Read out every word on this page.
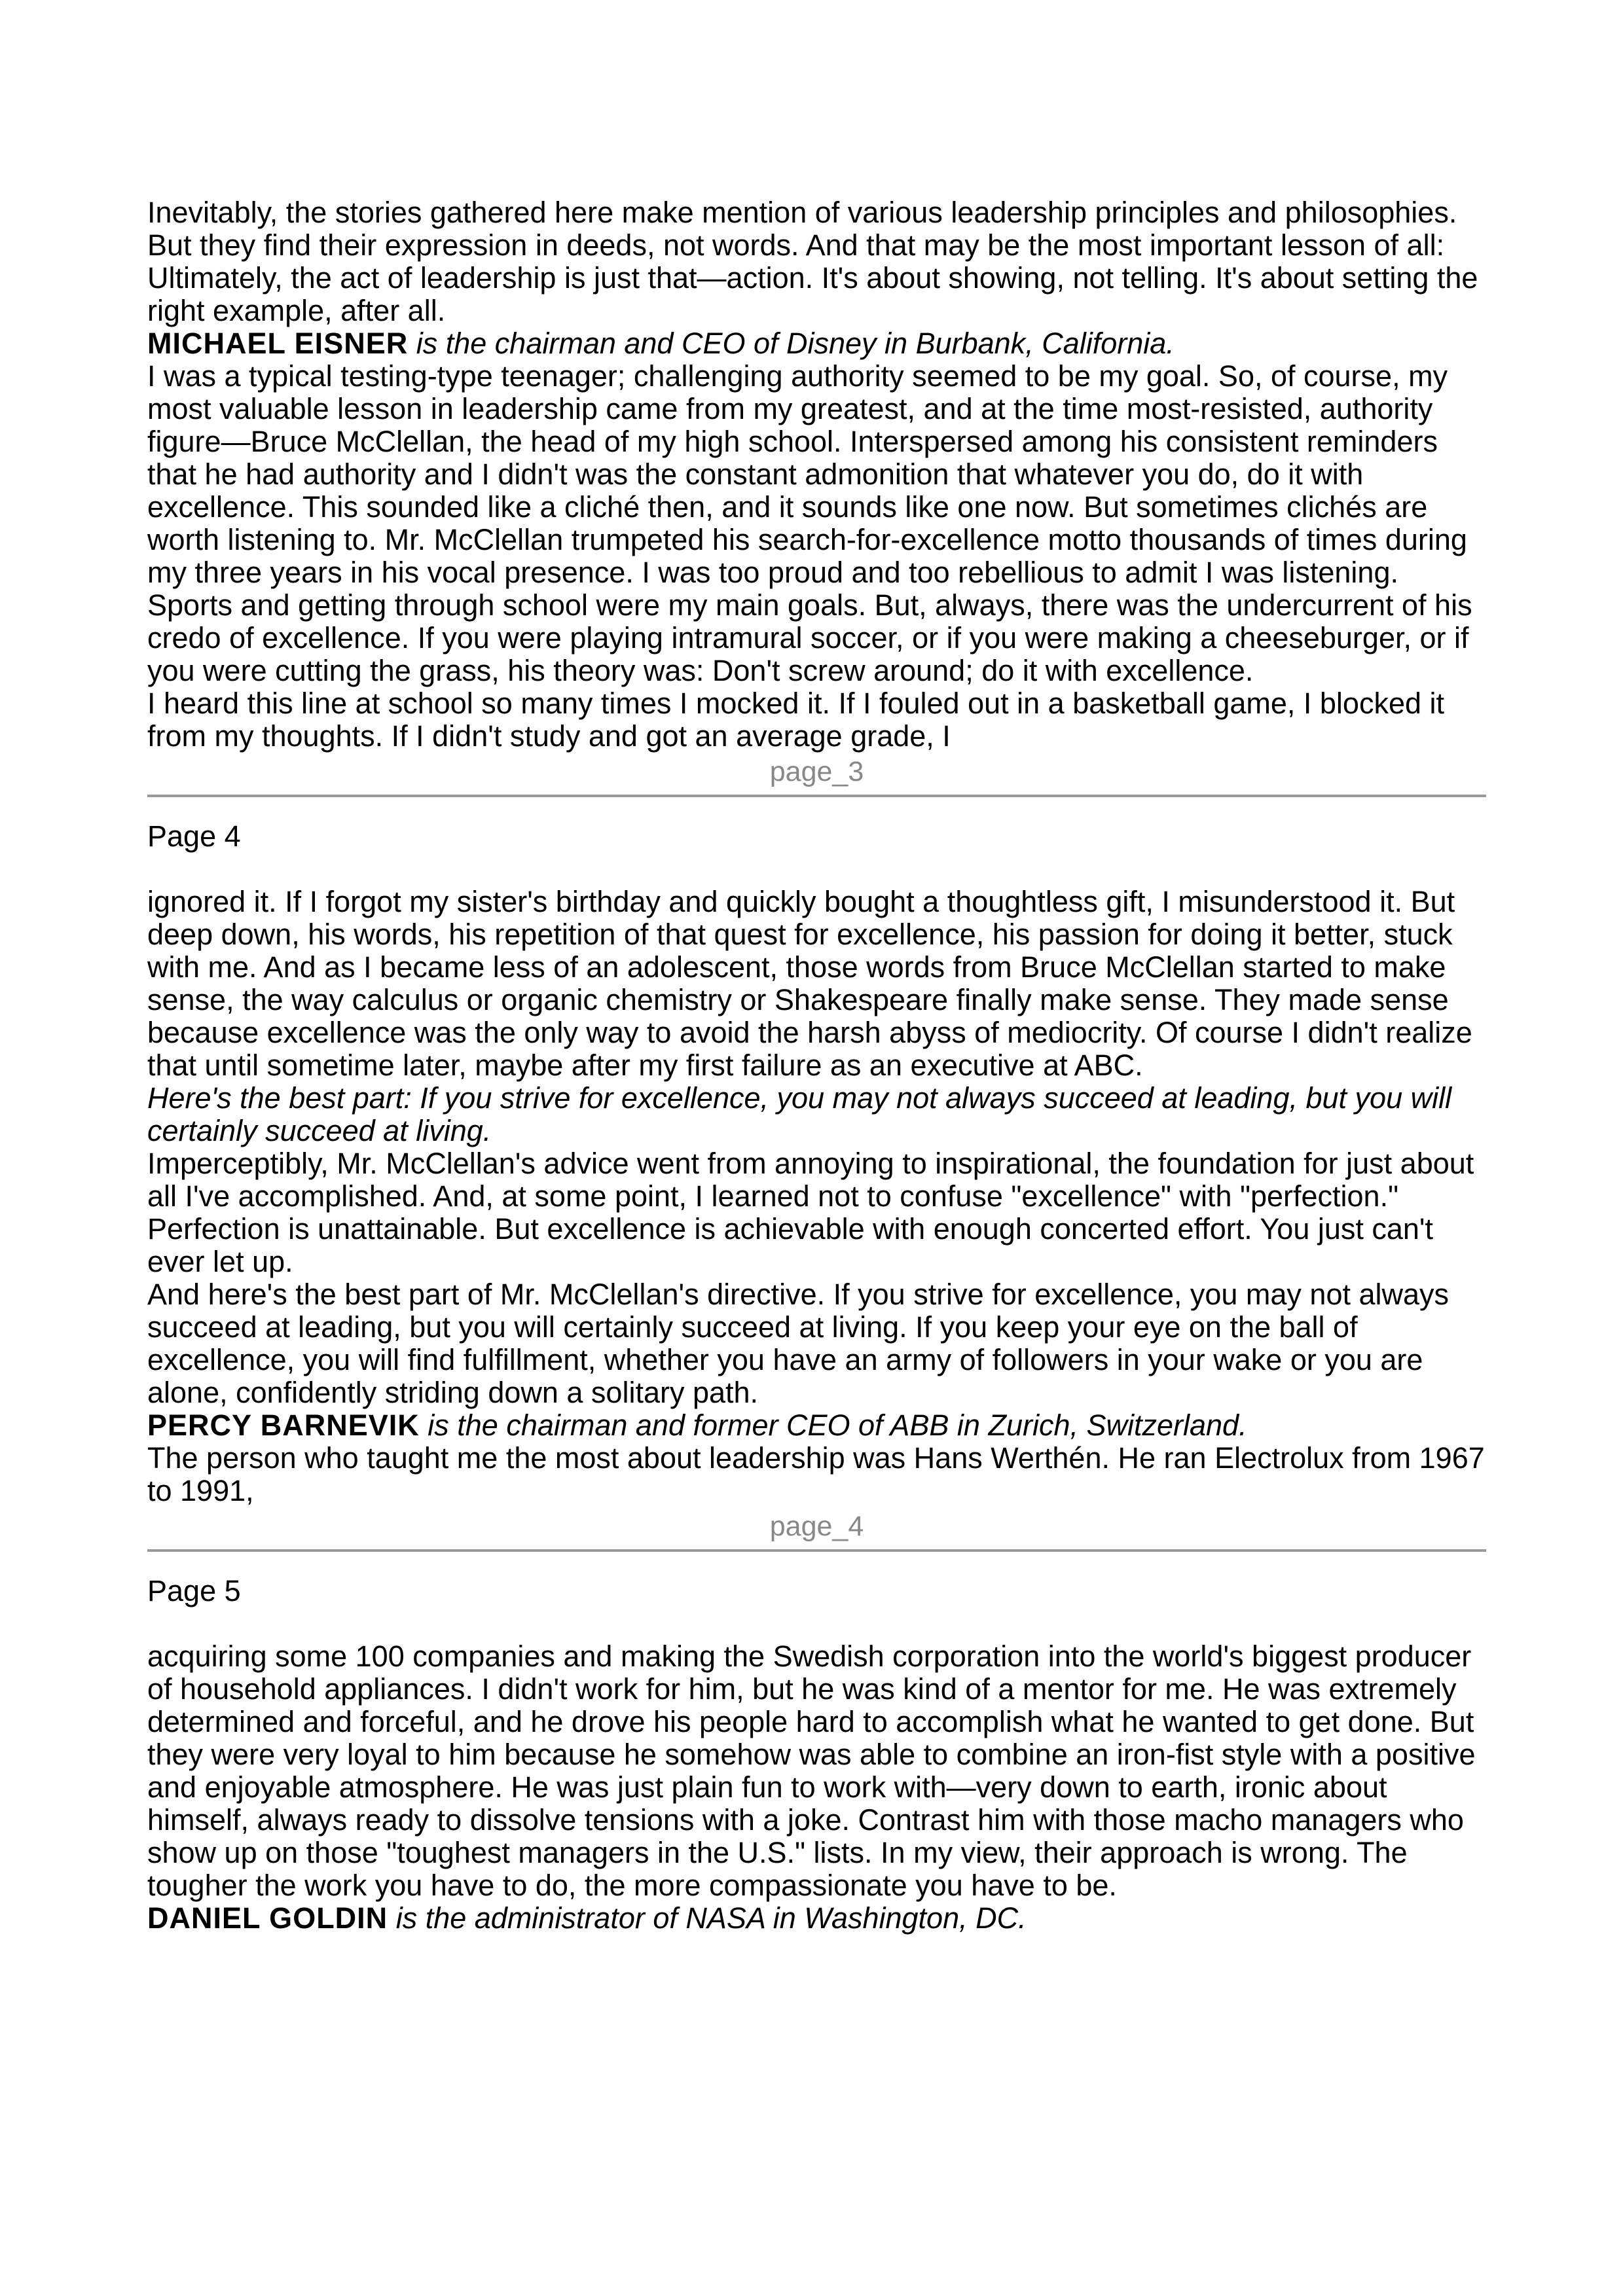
Inevitably, the stories gathered here make mention of various leadership principles and philosophies. But they find their expression in deeds, not words. And that may be the most important lesson of all: Ultimately, the act of leadership is just that—action. It's about showing, not telling. It's about setting the right example, after all.

MICHAEL EISNER is the chairman and CEO of Disney in Burbank, California.

I was a typical testing-type teenager; challenging authority seemed to be my goal. So, of course, my most valuable lesson in leadership came from my greatest, and at the time most-resisted, authority figure—Bruce McClellan, the head of my high school. Interspersed among his consistent reminders that he had authority and I didn't was the constant admonition that whatever you do, do it with excellence. This sounded like a cliché then, and it sounds like one now. But sometimes clichés are worth listening to. Mr. McClellan trumpeted his search-for-excellence motto thousands of times during my three years in his vocal presence. I was too proud and too rebellious to admit I was listening. Sports and getting through school were my main goals. But, always, there was the undercurrent of his credo of excellence. If you were playing intramural soccer, or if you were making a cheeseburger, or if you were cutting the grass, his theory was: Don't screw around; do it with excellence.

I heard this line at school so many times I mocked it. If I fouled out in a basketball game, I blocked it from my thoughts. If I didn't study and got an average grade, I

page_3
Page 4

ignored it. If I forgot my sister's birthday and quickly bought a thoughtless gift, I misunderstood it. But deep down, his words, his repetition of that quest for excellence, his passion for doing it better, stuck with me. And as I became less of an adolescent, those words from Bruce McClellan started to make sense, the way calculus or organic chemistry or Shakespeare finally make sense. They made sense because excellence was the only way to avoid the harsh abyss of mediocrity. Of course I didn't realize that until sometime later, maybe after my first failure as an executive at ABC.

Here's the best part: If you strive for excellence, you may not always succeed at leading, but you will certainly succeed at living.

Imperceptibly, Mr. McClellan's advice went from annoying to inspirational, the foundation for just about all I've accomplished. And, at some point, I learned not to confuse "excellence" with "perfection." Perfection is unattainable. But excellence is achievable with enough concerted effort. You just can't ever let up.

And here's the best part of Mr. McClellan's directive. If you strive for excellence, you may not always succeed at leading, but you will certainly succeed at living. If you keep your eye on the ball of excellence, you will find fulfillment, whether you have an army of followers in your wake or you are alone, confidently striding down a solitary path.

PERCY BARNEVIK is the chairman and former CEO of ABB in Zurich, Switzerland.

The person who taught me the most about leadership was Hans Werthén. He ran Electrolux from 1967 to 1991,

page_4
Page 5

acquiring some 100 companies and making the Swedish corporation into the world's biggest producer of household appliances. I didn't work for him, but he was kind of a mentor for me. He was extremely determined and forceful, and he drove his people hard to accomplish what he wanted to get done. But they were very loyal to him because he somehow was able to combine an iron-fist style with a positive and enjoyable atmosphere. He was just plain fun to work with—very down to earth, ironic about himself, always ready to dissolve tensions with a joke. Contrast him with those macho managers who show up on those "toughest managers in the U.S." lists. In my view, their approach is wrong. The tougher the work you have to do, the more compassionate you have to be.

DANIEL GOLDIN is the administrator of NASA in Washington, DC.
